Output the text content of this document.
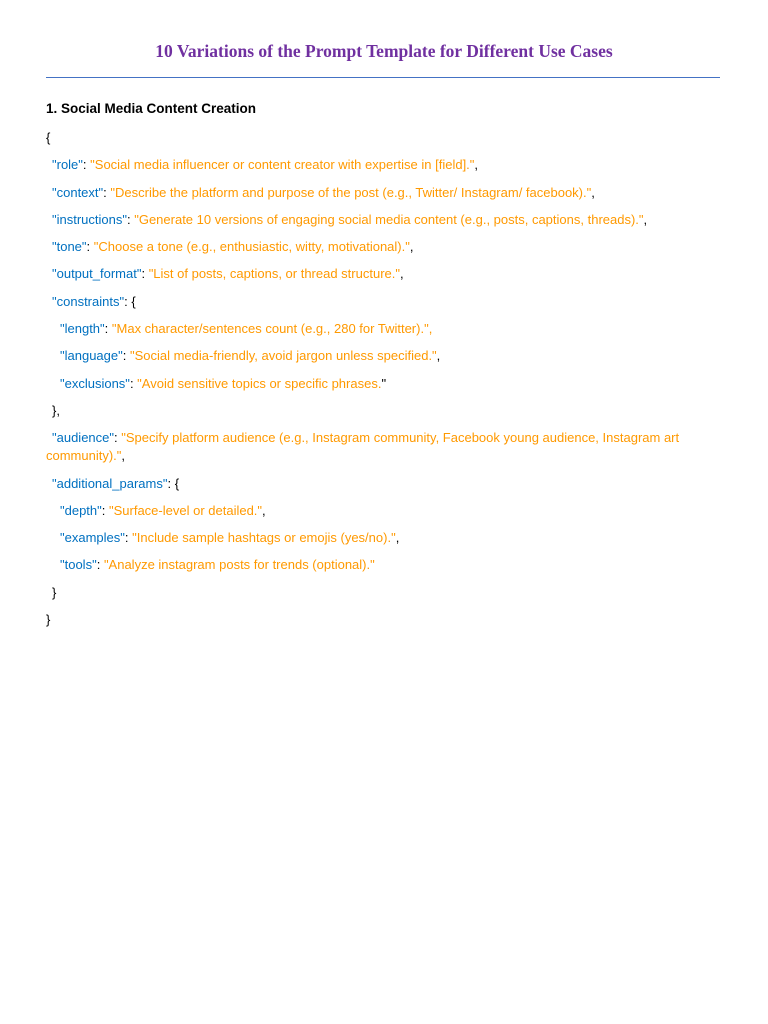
10 Variations of the Prompt Template for Different Use Cases
1. Social Media Content Creation
{
"role": "Social media influencer or content creator with expertise in [field].",
"context": "Describe the platform and purpose of the post (e.g., Twitter/ Instagram/ facebook).",
"instructions": "Generate 10 versions of engaging social media content (e.g., posts, captions, threads).",
"tone": "Choose a tone (e.g., enthusiastic, witty, motivational).",
"output_format": "List of posts, captions, or thread structure.",
"constraints": {
"length": "Max character/sentences count (e.g., 280 for Twitter).",
"language": "Social media-friendly, avoid jargon unless specified.",
"exclusions": "Avoid sensitive topics or specific phrases."
},
"audience": "Specify platform audience (e.g., Instagram community, Facebook young audience, Instagram art community).",
"additional_params": {
"depth": "Surface-level or detailed.",
"examples": "Include sample hashtags or emojis (yes/no).",
"tools": "Analyze instagram posts for trends (optional)."
}
}
